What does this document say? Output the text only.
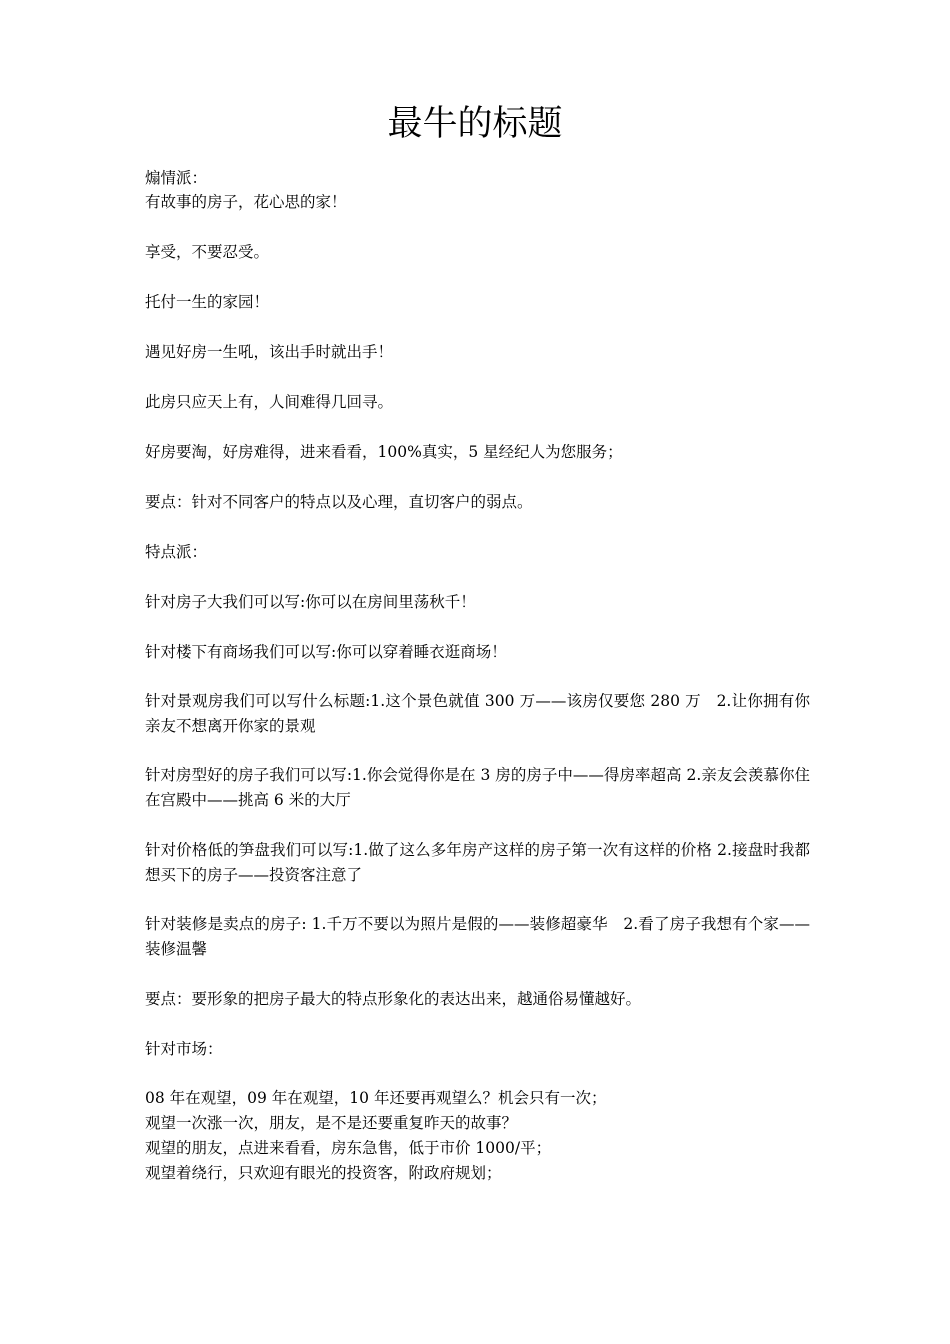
最牛的标题
煽情派：
有故事的房子，花心思的家！
享受，不要忍受。
托付一生的家园！
遇见好房一生吼，该出手时就出手！
此房只应天上有，人间难得几回寻。
好房要淘，好房难得，进来看看，100%真实，5 星经纪人为您服务；
要点：针对不同客户的特点以及心理，直切客户的弱点。
特点派：
针对房子大我们可以写:你可以在房间里荡秋千！
针对楼下有商场我们可以写:你可以穿着睡衣逛商场！
针对景观房我们可以写什么标题:1.这个景色就值 300 万——该房仅要您 280 万　2.让你拥有你亲友不想离开你家的景观
针对房型好的房子我们可以写:1.你会觉得你是在 3 房的房子中——得房率超高 2.亲友会羡慕你住在宫殿中——挑高 6 米的大厅
针对价格低的笋盘我们可以写:1.做了这么多年房产这样的房子第一次有这样的价格 2.接盘时我都想买下的房子——投资客注意了
针对装修是卖点的房子: 1.千万不要以为照片是假的——装修超豪华　2.看了房子我想有个家——装修温馨
要点：要形象的把房子最大的特点形象化的表达出来，越通俗易懂越好。
针对市场：
08 年在观望，09 年在观望，10 年还要再观望么？机会只有一次；
观望一次涨一次，朋友，是不是还要重复昨天的故事？
观望的朋友，点进来看看，房东急售，低于市价 1000/平；
观望着绕行，只欢迎有眼光的投资客，附政府规划；
